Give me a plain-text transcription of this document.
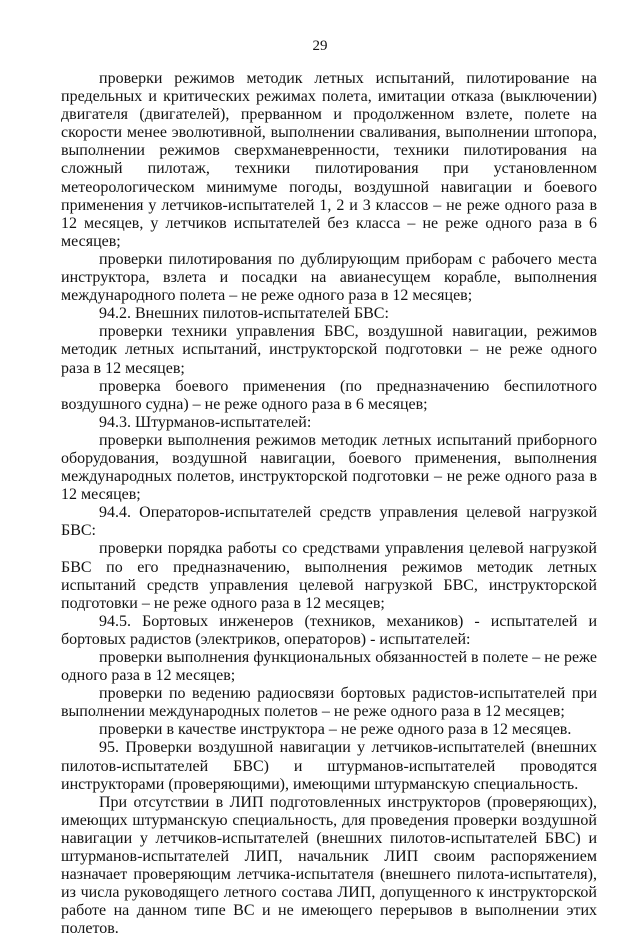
29

проверки режимов методик летных испытаний, пилотирование на предельных и критических режимах полета, имитации отказа (выключении) двигателя (двигателей), прерванном и продолженном взлете, полете на скорости менее эволютивной, выполнении сваливания, выполнении штопора, выполнении режимов сверхманевренности, техники пилотирования на сложный пилотаж, техники пилотирования при установленном метеорологическом минимуме погоды, воздушной навигации и боевого применения у летчиков-испытателей 1, 2 и 3 классов – не реже одного раза в 12 месяцев, у летчиков испытателей без класса – не реже одного раза в 6 месяцев;

проверки пилотирования по дублирующим приборам с рабочего места инструктора, взлета и посадки на авианесущем корабле, выполнения международного полета – не реже одного раза в 12 месяцев;

94.2. Внешних пилотов-испытателей БВС:

проверки техники управления БВС, воздушной навигации, режимов методик летных испытаний, инструкторской подготовки – не реже одного раза в 12 месяцев;

проверка боевого применения (по предназначению беспилотного воздушного судна) – не реже одного раза в 6 месяцев;

94.3. Штурманов-испытателей:

проверки выполнения режимов методик летных испытаний приборного оборудования, воздушной навигации, боевого применения, выполнения международных полетов, инструкторской подготовки – не реже одного раза в 12 месяцев;

94.4. Операторов-испытателей средств управления целевой нагрузкой БВС:

проверки порядка работы со средствами управления целевой нагрузкой БВС по его предназначению, выполнения режимов методик летных испытаний средств управления целевой нагрузкой БВС, инструкторской подготовки – не реже одного раза в 12 месяцев;

94.5. Бортовых инженеров (техников, механиков) - испытателей и бортовых радистов (электриков, операторов) - испытателей:

проверки выполнения функциональных обязанностей в полете – не реже одного раза в 12 месяцев;

проверки по ведению радиосвязи бортовых радистов-испытателей при выполнении международных полетов – не реже одного раза в 12 месяцев;

проверки в качестве инструктора – не реже одного раза в 12 месяцев.

95. Проверки воздушной навигации у летчиков-испытателей (внешних пилотов-испытателей БВС) и штурманов-испытателей проводятся инструкторами (проверяющими), имеющими штурманскую специальность.

При отсутствии в ЛИП подготовленных инструкторов (проверяющих), имеющих штурманскую специальность, для проведения проверки воздушной навигации у летчиков-испытателей (внешних пилотов-испытателей БВС) и штурманов-испытателей ЛИП, начальник ЛИП своим распоряжением назначает проверяющим летчика-испытателя (внешнего пилота-испытателя), из числа руководящего летного состава ЛИП, допущенного к инструкторской работе на данном типе ВС и не имеющего перерывов в выполнении этих полетов.
